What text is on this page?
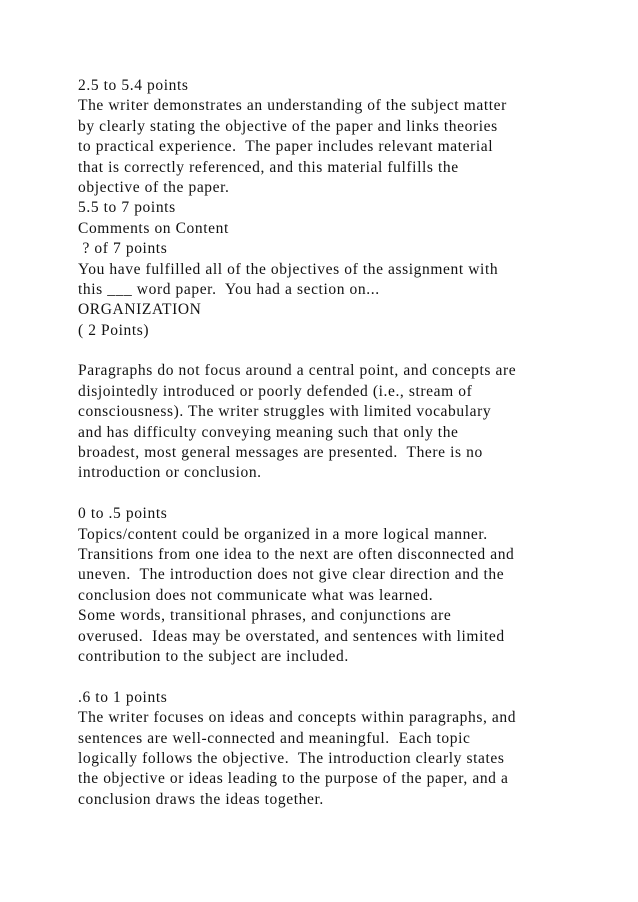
2.5 to 5.4 points
The writer demonstrates an understanding of the subject matter
by clearly stating the objective of the paper and links theories
to practical experience.  The paper includes relevant material
that is correctly referenced, and this material fulfills the
objective of the paper.
5.5 to 7 points
Comments on Content
? of 7 points
You have fulfilled all of the objectives of the assignment with
this ___ word paper.  You had a section on...
ORGANIZATION
( 2 Points)
Paragraphs do not focus around a central point, and concepts are
disjointedly introduced or poorly defended (i.e., stream of
consciousness). The writer struggles with limited vocabulary
and has difficulty conveying meaning such that only the
broadest, most general messages are presented.  There is no
introduction or conclusion.
0 to .5 points
Topics/content could be organized in a more logical manner.
Transitions from one idea to the next are often disconnected and
uneven.  The introduction does not give clear direction and the
conclusion does not communicate what was learned.
Some words, transitional phrases, and conjunctions are
overused.  Ideas may be overstated, and sentences with limited
contribution to the subject are included.
.6 to 1 points
The writer focuses on ideas and concepts within paragraphs, and
sentences are well-connected and meaningful.  Each topic
logically follows the objective.  The introduction clearly states
the objective or ideas leading to the purpose of the paper, and a
conclusion draws the ideas together.
